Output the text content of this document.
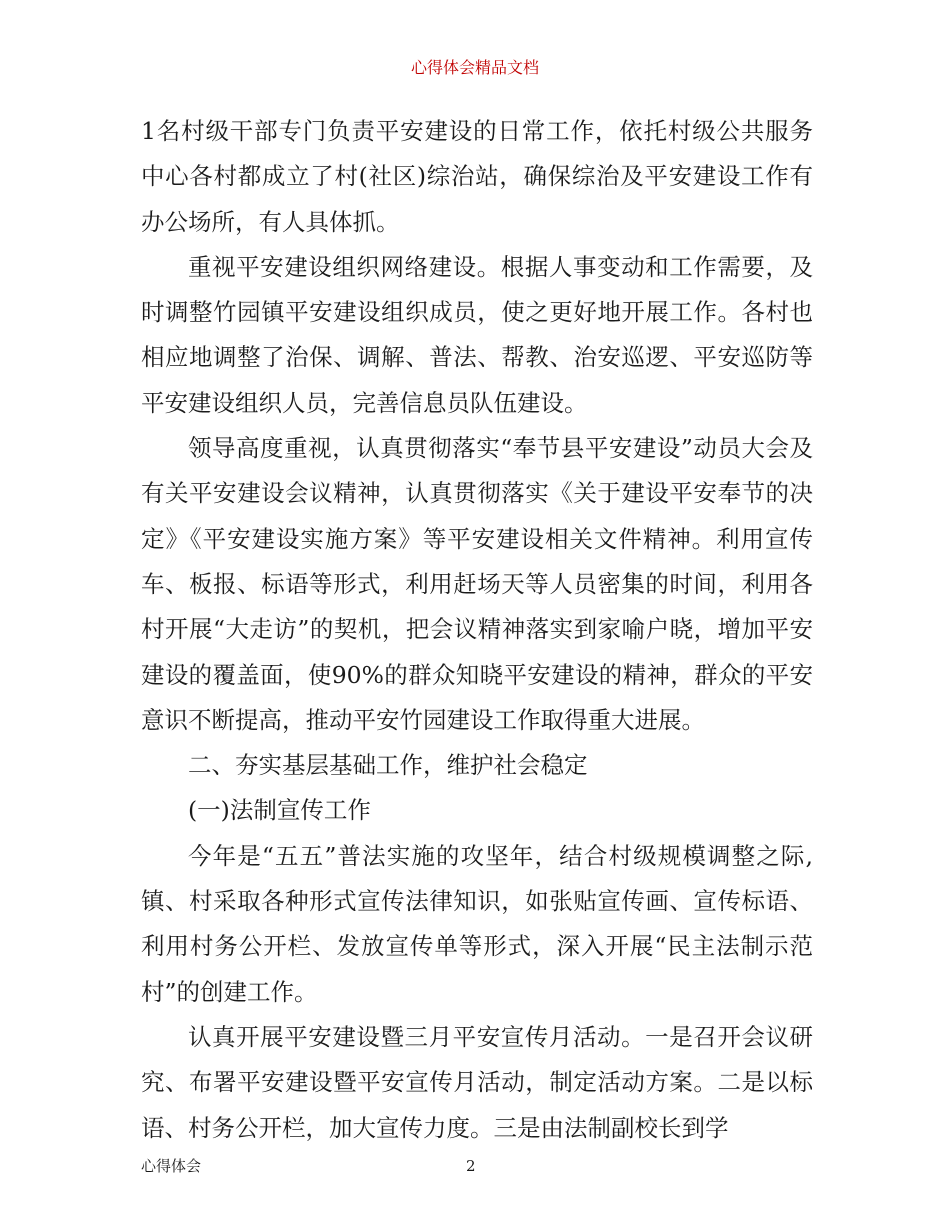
心得体会精品文档

1名村级干部专门负责平安建设的日常工作，依托村级公共服务中心各村都成立了村(社区)综治站，确保综治及平安建设工作有办公场所，有人具体抓。

重视平安建设组织网络建设。根据人事变动和工作需要，及时调整竹园镇平安建设组织成员，使之更好地开展工作。各村也相应地调整了治保、调解、普法、帮教、治安巡逻、平安巡防等平安建设组织人员，完善信息员队伍建设。

领导高度重视，认真贯彻落实“奉节县平安建设”动员大会及有关平安建设会议精神，认真贯彻落实《关于建设平安奉节的决定》《平安建设实施方案》等平安建设相关文件精神。利用宣传车、板报、标语等形式，利用赶场天等人员密集的时间，利用各村开展“大走访”的契机，把会议精神落实到家喻户晓，增加平安建设的覆盖面，使90%的群众知晓平安建设的精神，群众的平安意识不断提高，推动平安竹园建设工作取得重大进展。

二、夯实基层基础工作，维护社会稳定

(一)法制宣传工作

今年是“五五”普法实施的攻坚年，结合村级规模调整之际,镇、村采取各种形式宣传法律知识，如张贴宣传画、宣传标语、利用村务公开栏、发放宣传单等形式，深入开展“民主法制示范村”的创建工作。

认真开展平安建设暨三月平安宣传月活动。一是召开会议研究、布署平安建设暨平安宣传月活动，制定活动方案。二是以标语、村务公开栏，加大宣传力度。三是由法制副校长到学

心得体会	2
